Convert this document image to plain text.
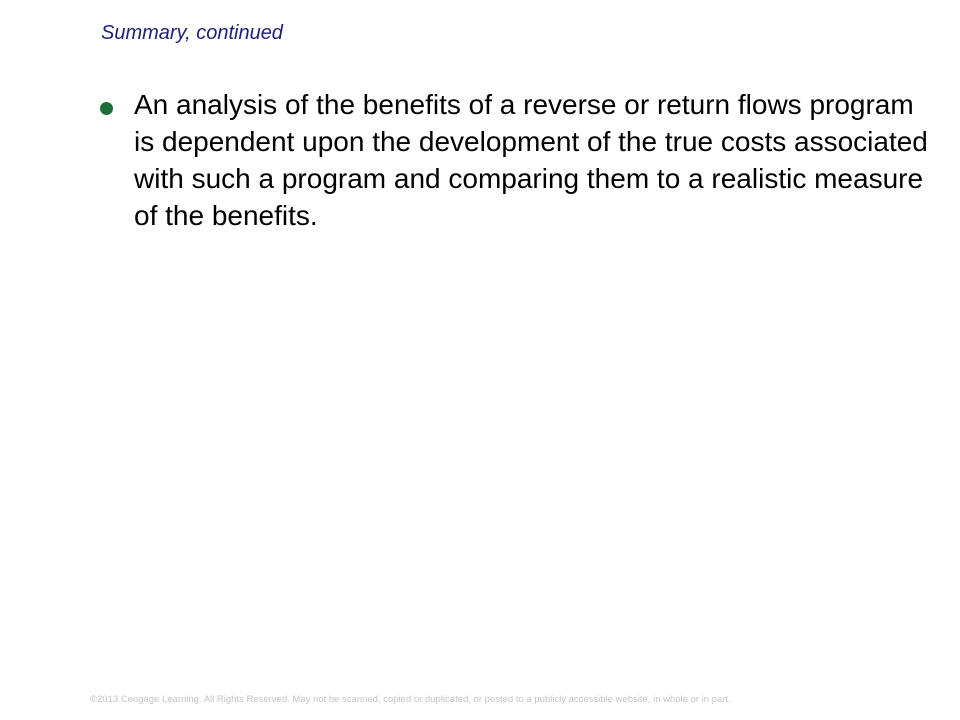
Summary, continued
An analysis of the benefits of a reverse or return flows program is dependent upon the development of the true costs associated with such a program and comparing them to a realistic measure of the benefits.
©2013 Cengage Learning. All Rights Reserved. May not be scanned, copied or duplicated, or posted to a publicly accessible website, in whole or in part.
